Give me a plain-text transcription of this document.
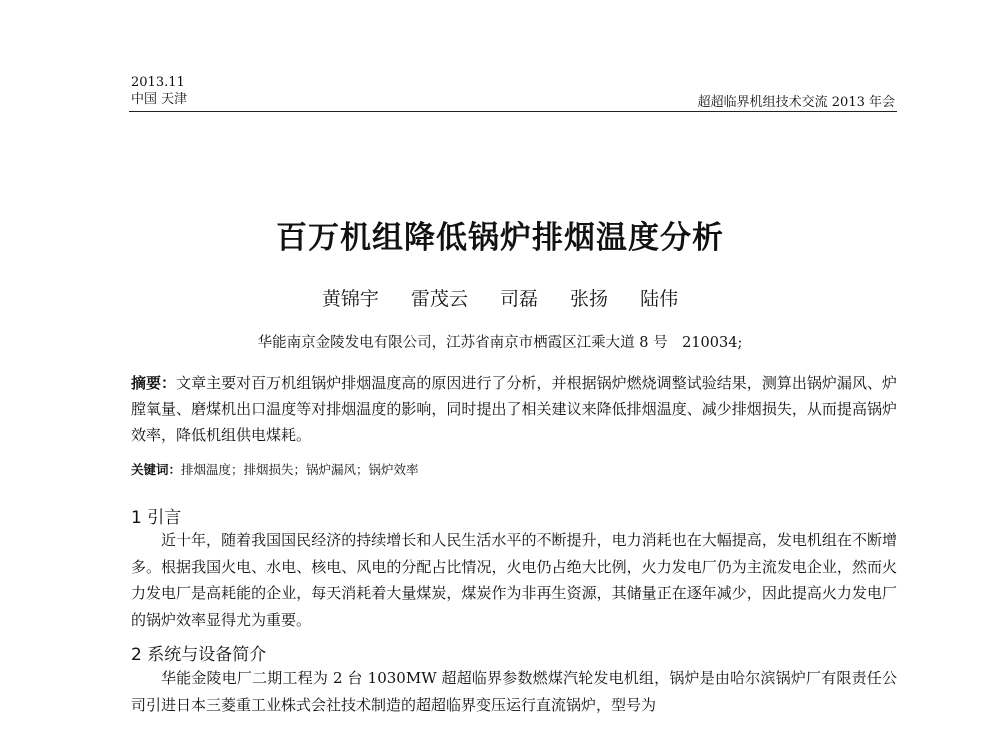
2013.11
中国 天津	超超临界机组技术交流 2013 年会
百万机组降低锅炉排烟温度分析
黄锦宇 雷茂云 司磊 张扬 陆伟
华能南京金陵发电有限公司，江苏省南京市栖霞区江乘大道 8 号　210034;
摘要：文章主要对百万机组锅炉排烟温度高的原因进行了分析，并根据锅炉燃烧调整试验结果，测算出锅炉漏风、炉膛氧量、磨煤机出口温度等对排烟温度的影响，同时提出了相关建议来降低排烟温度、减少排烟损失，从而提高锅炉效率，降低机组供电煤耗。
关键词：排烟温度；排烟损失；锅炉漏风；锅炉效率
1 引言
近十年，随着我国国民经济的持续增长和人民生活水平的不断提升，电力消耗也在大幅提高，发电机组在不断增多。根据我国火电、水电、核电、风电的分配占比情况，火电仍占绝大比例，火力发电厂仍为主流发电企业，然而火力发电厂是高耗能的企业，每天消耗着大量煤炭，煤炭作为非再生资源，其储量正在逐年减少，因此提高火力发电厂的锅炉效率显得尤为重要。
2 系统与设备简介
华能金陵电厂二期工程为 2 台 1030MW 超超临界参数燃煤汽轮发电机组，锅炉是由哈尔滨锅炉厂有限责任公司引进日本三菱重工业株式会社技术制造的超超临界变压运行直流锅炉，型号为
